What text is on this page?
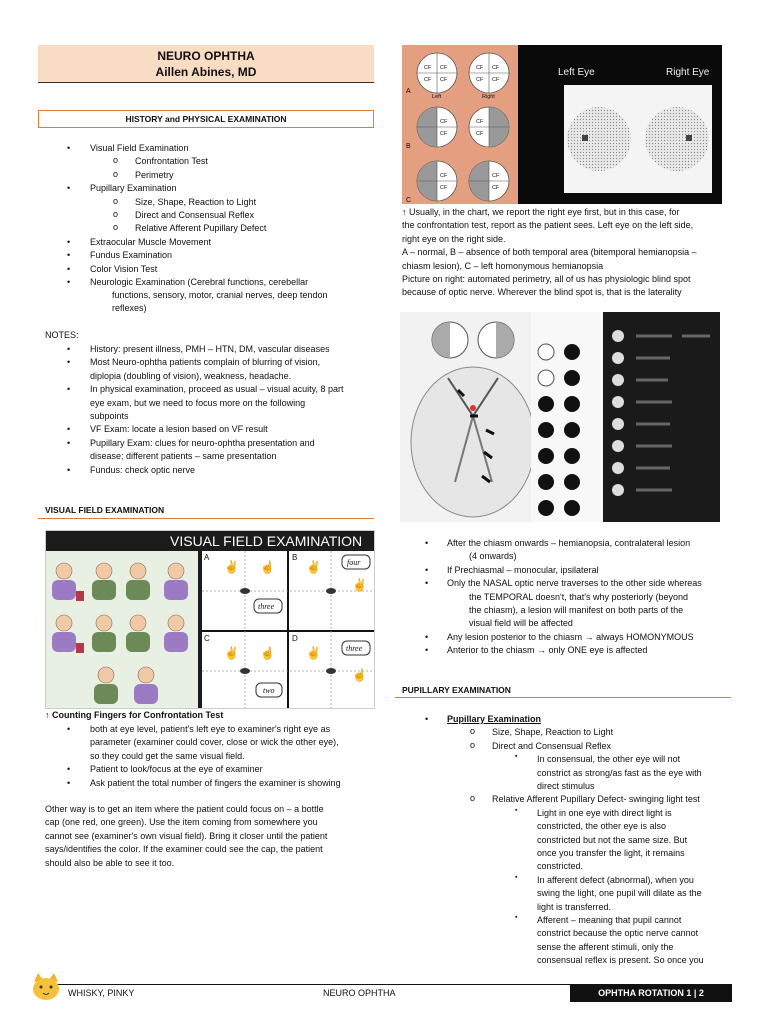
NEURO OPHTHA
Aillen Abines, MD
HISTORY and PHYSICAL EXAMINATION
• Visual Field Examination
o Confrontation Test
o Perimetry
• Pupillary Examination
o Size, Shape, Reaction to Light
o Direct and Consensual Reflex
o Relative Afferent Pupillary Defect
• Extraocular Muscle Movement
• Fundus Examination
• Color Vision Test
• Neurologic Examination (Cerebral functions, cerebellar
functions, sensory, motor, cranial nerves, deep tendon
reflexes)
NOTES:
• History: present illness, PMH – HTN, DM, vascular diseases
• Most Neuro-ophtha patients complain of blurring of vision,
diplopia (doubling of vision), weakness, headache.
• In physical examination, proceed as usual – visual acuity, 8 part
eye exam, but we need to focus more on the following
subpoints
• VF Exam: locate a lesion based on VF result
• Pupillary Exam: clues for neuro-ophtha presentation and
disease; different patients – same presentation
• Fundus: check optic nerve
VISUAL FIELD EXAMINATION
VISUAL FIELD EXAMINATION
A	B
C	D
four
three
three
two
✌ ☝	✌
✌
✌ ☝	✌
☝
↑ Counting Fingers for Confrontation Test
• both at eye level, patient's left eye to examiner's right eye as
parameter (examiner could cover, close or wick the other eye),
so they could get the same visual field.
• Patient to look/focus at the eye of examiner
• Ask patient the total number of fingers the examiner is showing
Other way is to get an item where the patient could focus on – a bottle
cap (one red, one green). Use the item coming from somewhere you
cannot see (examiner's own visual field). Bring it closer until the patient
says/identifies the color. If the examiner could see the cap, the patient
should also be able to see it too.
A
B
C
CF CF
CF CF
CF CF
CF CF
CF
CF
CF
CF
CF
CF
CF
CF
Left	Right
Left Eye	Right Eye
↑ Usually, in the chart, we report the right eye first, but in this case, for
the confrontation test, report as the patient sees. Left eye on the left side,
right eye on the right side.
A – normal, B – absence of both temporal area (bitemporal hemianopsia –
chiasm lesion), C – left homonymous hemianopsia
Picture on right: automated perimetry, all of us has physiologic blind spot
because of optic nerve. Wherever the blind spot is, that is the laterality
• After the chiasm onwards – hemianopsia, contralateral lesion
(4 onwards)
• If Prechiasmal – monocular, ipsilateral
• Only the NASAL optic nerve traverses to the other side whereas
the TEMPORAL doesn't, that's why posteriorly (beyond
the chiasm), a lesion will manifest on both parts of the
visual field will be affected
• Any lesion posterior to the chiasm → always HOMONYMOUS
• Anterior to the chiasm → only ONE eye is affected
PUPILLARY EXAMINATION
• Pupillary Examination
o Size, Shape, Reaction to Light
o Direct and Consensual Reflex
▪ In consensual, the other eye will not
constrict as strong/as fast as the eye with
direct stimulus
o Relative Afferent Pupillary Defect- swinging light test
▪ Light in one eye with direct light is
constricted, the other eye is also
constricted but not the same size. But
once you transfer the light, it remains
constricted.
▪ In afferent defect (abnormal), when you
swing the light, one pupil will dilate as the
light is transferred.
▪ Afferent – meaning that pupil cannot
constrict because the optic nerve cannot
sense the afferent stimuli, only the
consensual reflex is present. So once you
WHISKY, PINKY	NEURO OPHTHA	OPHTHA ROTATION 1 | 2
